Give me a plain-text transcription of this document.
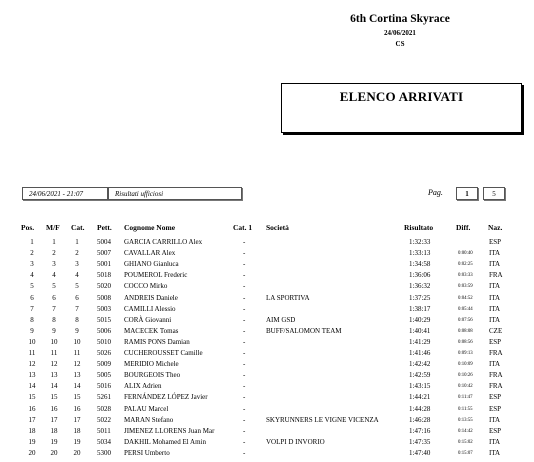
6th Cortina Skyrace
24/06/2021
CS
ELENCO ARRIVATI
24/06/2021 - 21:07	Risultati ufficiosi	Pag.	1	5
Pos. M/F Cat. Pett. Cognome Nome	Cat. 1 Società	Risultato	Diff. Naz.
1	1	1	5004	GARCIA CARRILLO Alex	-	1:32:33	ESP
2	2	2	5007	CAVALLAR Alex	-	1:33:13	0:00:40	ITA
3	3	3	5001	GHIANO Gianluca	-	1:34:58	0:02:25	ITA
4	4	4	5018	POUMEROL Frederic	-	1:36:06	0:03:33	FRA
5	5	5	5020	COCCO Mirko	-	1:36:32	0:03:59	ITA
6	6	6	5008	ANDREIS Daniele	-	LA SPORTIVA	1:37:25	0:04:52	ITA
7	7	7	5003	CAMILLI Alessio	-	1:38:17	0:05:44	ITA
8	8	8	5015	CORÀ Giovanni	-	AIM GSD	1:40:29	0:07:56	ITA
9	9	9	5006	MACECEK Tomas	-	BUFF/SALOMON TEAM	1:40:41	0:08:08	CZE
10	10	10	5010	RAMIS PONS Damian	-	1:41:29	0:08:56	ESP
11	11	11	5026	CUCHEROUSSET Camille	-	1:41:46	0:09:13	FRA
12	12	12	5009	MERIDIO Michele	-	1:42:42	0:10:09	ITA
13	13	13	5005	BOURGEOIS Theo	-	1:42:59	0:10:26	FRA
14	14	14	5016	ALIX Adrien	-	1:43:15	0:10:42	FRA
15	15	15	5261	FERNÁNDEZ LÓPEZ Javier	-	1:44:21	0:11:47	ESP
16	16	16	5028	PALAU Marcel	-	1:44:28	0:11:55	ESP
17	17	17	5022	MARAN Stefano	-	SKYRUNNERS LE VIGNE VICENZA	1:46:28	0:13:55	ITA
18	18	18	5011	JIMENEZ LLORENS Juan Mar	-	1:47:16	0:14:42	ESP
19	19	19	5034	DAKHIL Mohamed El Amin	-	VOLPI D INVORIO	1:47:35	0:15:02	ITA
20	20	20	5300	PERSI Umberto	-	1:47:40	0:15:07	ITA
